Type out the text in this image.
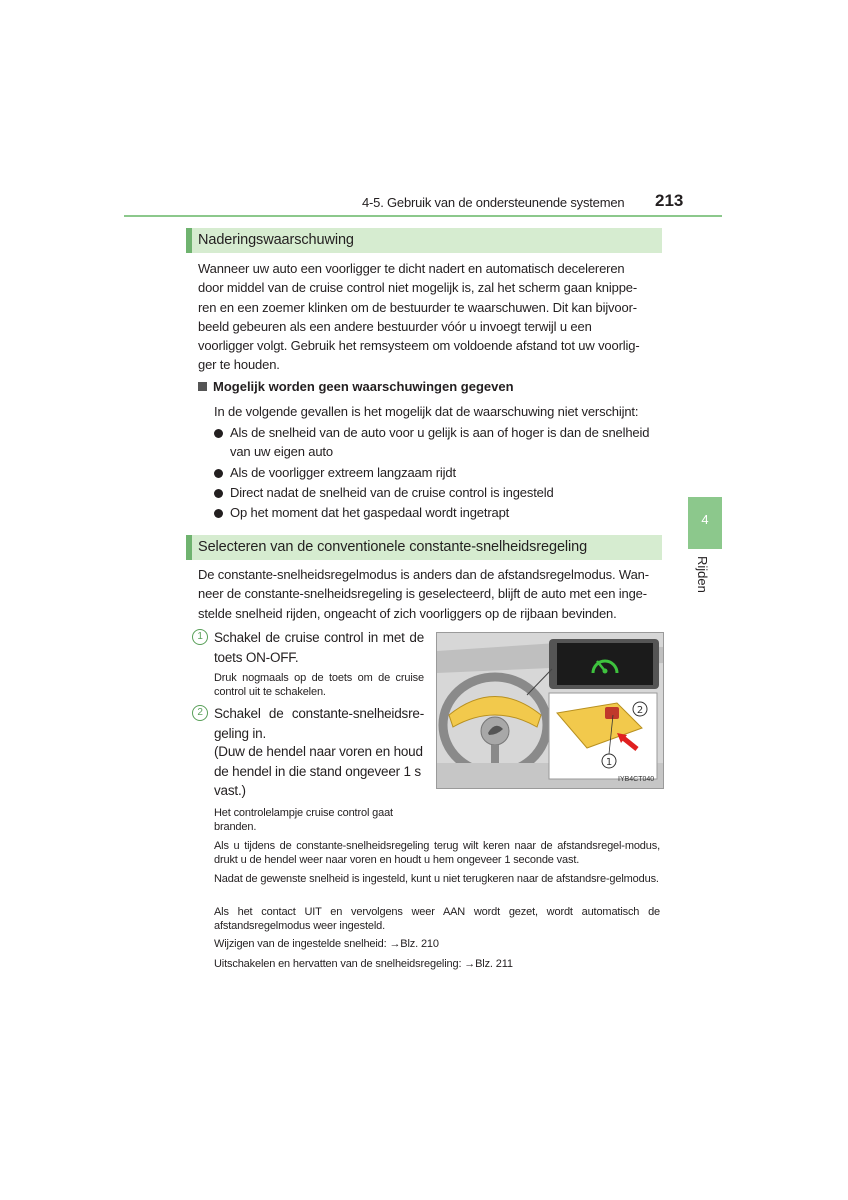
4-5. Gebruik van de ondersteunende systemen 213
4
Rijden
Naderingswaarschuwing
Wanneer uw auto een voorligger te dicht nadert en automatisch decelereren
door middel van de cruise control niet mogelijk is, zal het scherm gaan knippe-
ren en een zoemer klinken om de bestuurder te waarschuwen. Dit kan bijvoor-
beeld gebeuren als een andere bestuurder vóór u invoegt terwijl u een
voorligger volgt. Gebruik het remsysteem om voldoende afstand tot uw voorlig-
ger te houden.
Mogelijk worden geen waarschuwingen gegeven
In de volgende gevallen is het mogelijk dat de waarschuwing niet verschijnt:
Als de snelheid van de auto voor u gelijk is aan of hoger is dan de snelheid van uw eigen auto
Als de voorligger extreem langzaam rijdt
Direct nadat de snelheid van de cruise control is ingesteld
Op het moment dat het gaspedaal wordt ingetrapt
Selecteren van de conventionele constante-snelheidsregeling
De constante-snelheidsregelmodus is anders dan de afstandsregelmodus. Wan-
neer de constante-snelheidsregeling is geselecteerd, blijft de auto met een inge-
stelde snelheid rijden, ongeacht of zich voorliggers op de rijbaan bevinden.
1 Schakel de cruise control in met de toets ON-OFF.
Druk nogmaals op de toets om de cruise control uit te schakelen.
2 Schakel de constante-snelheidsre-geling in.
(Duw de hendel naar voren en houd de hendel in die stand ongeveer 1 s vast.)
Het controlelampje cruise control gaat branden.
2
1
IYB4CT040
Als u tijdens de constante-snelheidsregeling terug wilt keren naar de afstandsregel-modus, drukt u de hendel weer naar voren en houdt u hem ongeveer 1 seconde vast.
Nadat de gewenste snelheid is ingesteld, kunt u niet terugkeren naar de afstandsre-gelmodus.
Als het contact UIT en vervolgens weer AAN wordt gezet, wordt automatisch de afstandsregelmodus weer ingesteld.
Wijzigen van de ingestelde snelheid: →Blz. 210
Uitschakelen en hervatten van de snelheidsregeling: →Blz. 211
